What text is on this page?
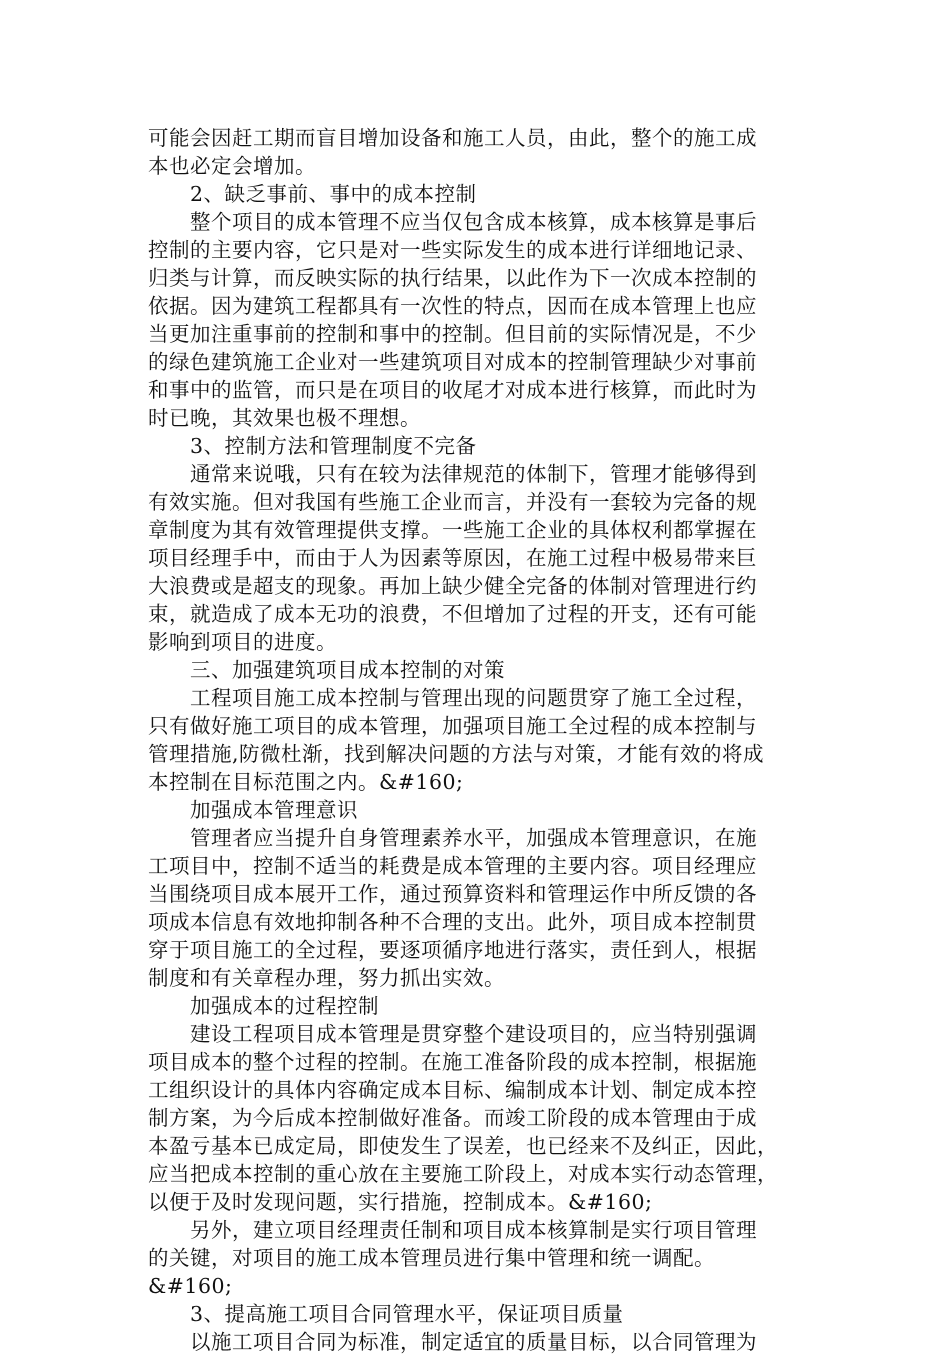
可能会因赶工期而盲目增加设备和施工人员，由此，整个的施工成
本也必定会增加。

2、缺乏事前、事中的成本控制

整个项目的成本管理不应当仅包含成本核算，成本核算是事后
控制的主要内容，它只是对一些实际发生的成本进行详细地记录、
归类与计算，而反映实际的执行结果，以此作为下一次成本控制的
依据。因为建筑工程都具有一次性的特点，因而在成本管理上也应
当更加注重事前的控制和事中的控制。但目前的实际情况是，不少
的绿色建筑施工企业对一些建筑项目对成本的控制管理缺少对事前
和事中的监管，而只是在项目的收尾才对成本进行核算，而此时为
时已晚，其效果也极不理想。

3、控制方法和管理制度不完备

通常来说哦，只有在较为法律规范的体制下，管理才能够得到
有效实施。但对我国有些施工企业而言，并没有一套较为完备的规
章制度为其有效管理提供支撑。一些施工企业的具体权利都掌握在
项目经理手中，而由于人为因素等原因，在施工过程中极易带来巨
大浪费或是超支的现象。再加上缺少健全完备的体制对管理进行约
束，就造成了成本无功的浪费，不但增加了过程的开支，还有可能
影响到项目的进度。

三、加强建筑项目成本控制的对策

工程项目施工成本控制与管理出现的问题贯穿了施工全过程，
只有做好施工项目的成本管理，加强项目施工全过程的成本控制与
管理措施,防微杜渐，找到解决问题的方法与对策，才能有效的将成
本控制在目标范围之内。&#160;

加强成本管理意识

管理者应当提升自身管理素养水平，加强成本管理意识，在施
工项目中，控制不适当的耗费是成本管理的主要内容。项目经理应
当围绕项目成本展开工作，通过预算资料和管理运作中所反馈的各
项成本信息有效地抑制各种不合理的支出。此外，项目成本控制贯
穿于项目施工的全过程，要逐项循序地进行落实，责任到人，根据
制度和有关章程办理，努力抓出实效。

加强成本的过程控制

建设工程项目成本管理是贯穿整个建设项目的，应当特别强调
项目成本的整个过程的控制。在施工准备阶段的成本控制，根据施
工组织设计的具体内容确定成本目标、编制成本计划、制定成本控
制方案，为今后成本控制做好准备。而竣工阶段的成本管理由于成
本盈亏基本已成定局，即使发生了误差，也已经来不及纠正，因此，
应当把成本控制的重心放在主要施工阶段上，对成本实行动态管理，
以便于及时发现问题，实行措施，控制成本。&#160;

另外，建立项目经理责任制和项目成本核算制是实行项目管理
的关键，对项目的施工成本管理员进行集中管理和统一调配。
&#160;

3、提高施工项目合同管理水平，保证项目质量

以施工项目合同为标准，制定适宜的质量目标，以合同管理为
